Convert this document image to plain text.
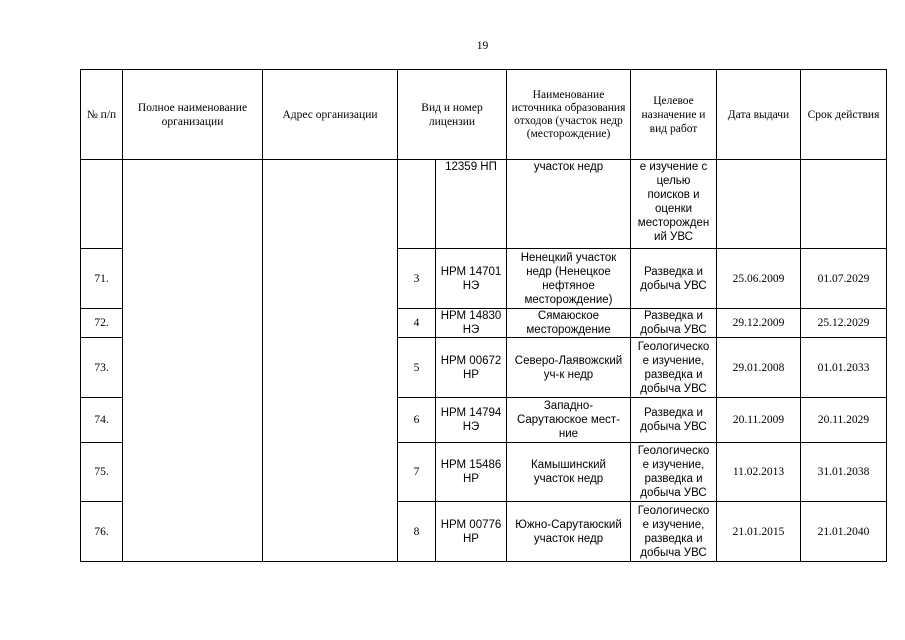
19
№ п/п	Полное наименование организации	Адрес организации	Вид и номер лицензии		Наименование источника образования отходов (участок недр (месторождение)	Целевое назначение и вид работ	Дата выдачи	Срок действия
				12359 НП	участок недр	е изучение с целью поисков и оценки месторожден ий УВС		
71.			3	НРМ 14701 НЭ	Ненецкий участок недр (Ненецкое нефтяное месторождение)	Разведка и добыча УВС	25.06.2009	01.07.2029
72.			4	НРМ 14830 НЭ	Сямаюское месторождение	Разведка и добыча УВС	29.12.2009	25.12.2029
73.			5	НРМ 00672 НР	Северо-Лаявожский уч-к недр	Геологическо е изучение, разведка и добыча УВС	29.01.2008	01.01.2033
74.			6	НРМ 14794 НЭ	Западно-Сарутаюское мест-ние	Разведка и добыча УВС	20.11.2009	20.11.2029
75.			7	НРМ 15486 НР	Камышинский участок недр	Геологическо е изучение, разведка и добыча УВС	11.02.2013	31.01.2038
76.			8	НРМ 00776 НР	Южно-Сарутаюский участок недр	Геологическо е изучение, разведка и добыча УВС	21.01.2015	21.01.2040
